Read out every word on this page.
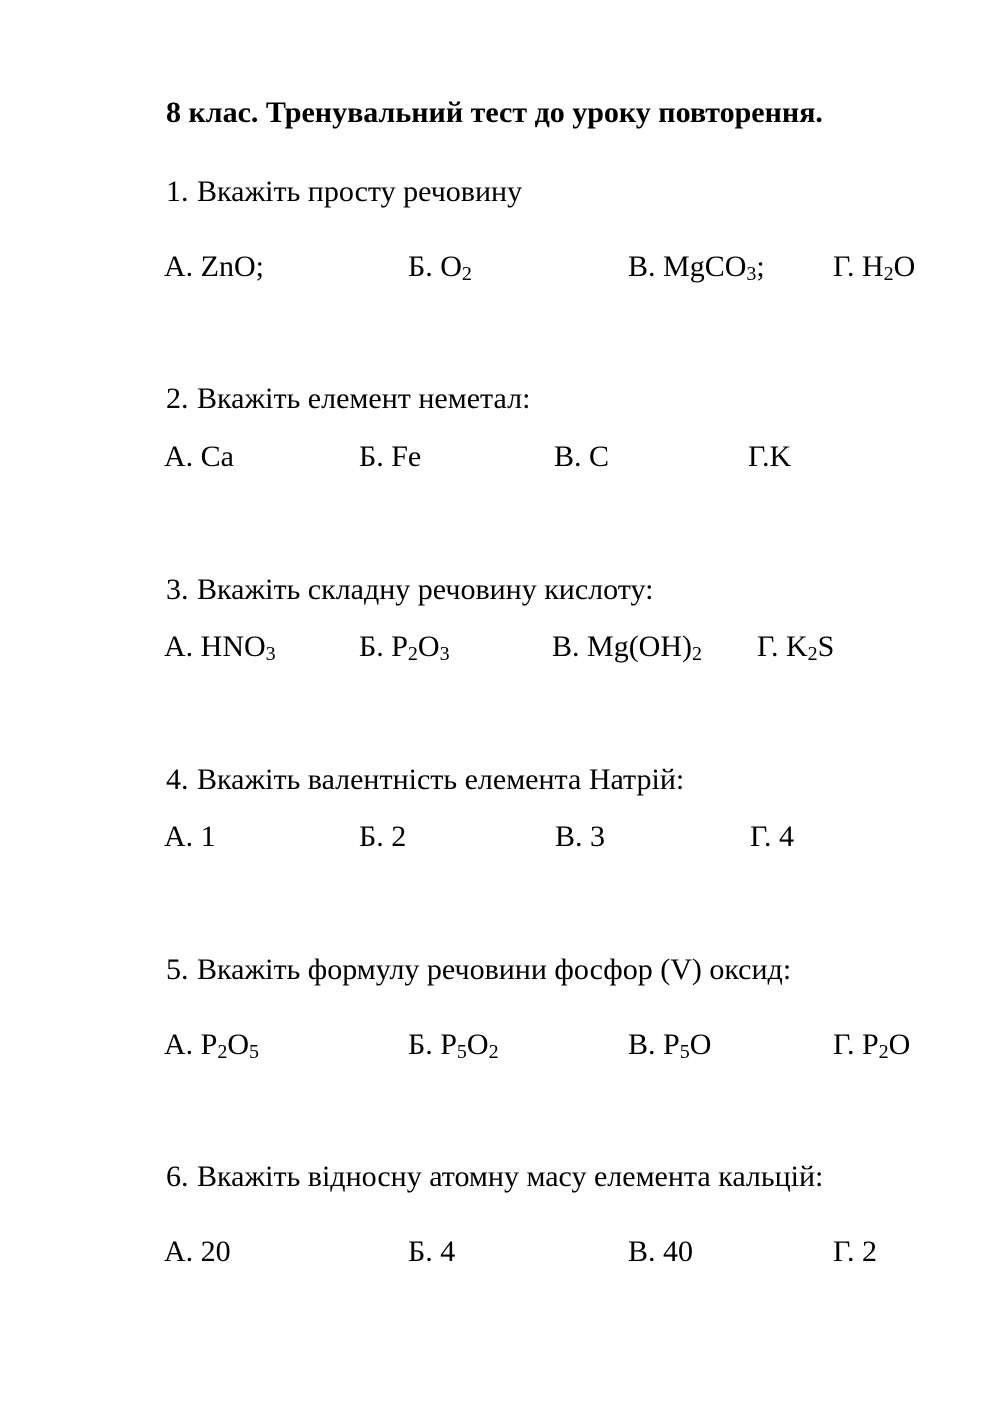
8 клас. Тренувальний тест до уроку повторення.
1. Вкажіть просту речовину
А. ZnO;	Б. $O_2$	В. MgCO$_3$; Г. $H_2O$
2. Вкажіть елемент неметал:
А. Ca	Б. Fe	В. C	Г.K
3. Вкажіть складну речовину кислоту:
А. $HNO_3$	Б. $P_2O_3$	В. $Mg(OH)_2$ Г. $K_2S$
4. Вкажіть валентність елемента Натрій:
А. 1	Б. 2	В. 3	Г. 4
5. Вкажіть формулу речовини фосфор (V) оксид:
А. $P_2O_5$	Б. $P_5O_2$	В. $P_5O$	Г. $P_2O$
6. Вкажіть відносну атомну масу елемента кальцій:
А. 20	Б. 4	В. 40	Г. 2
